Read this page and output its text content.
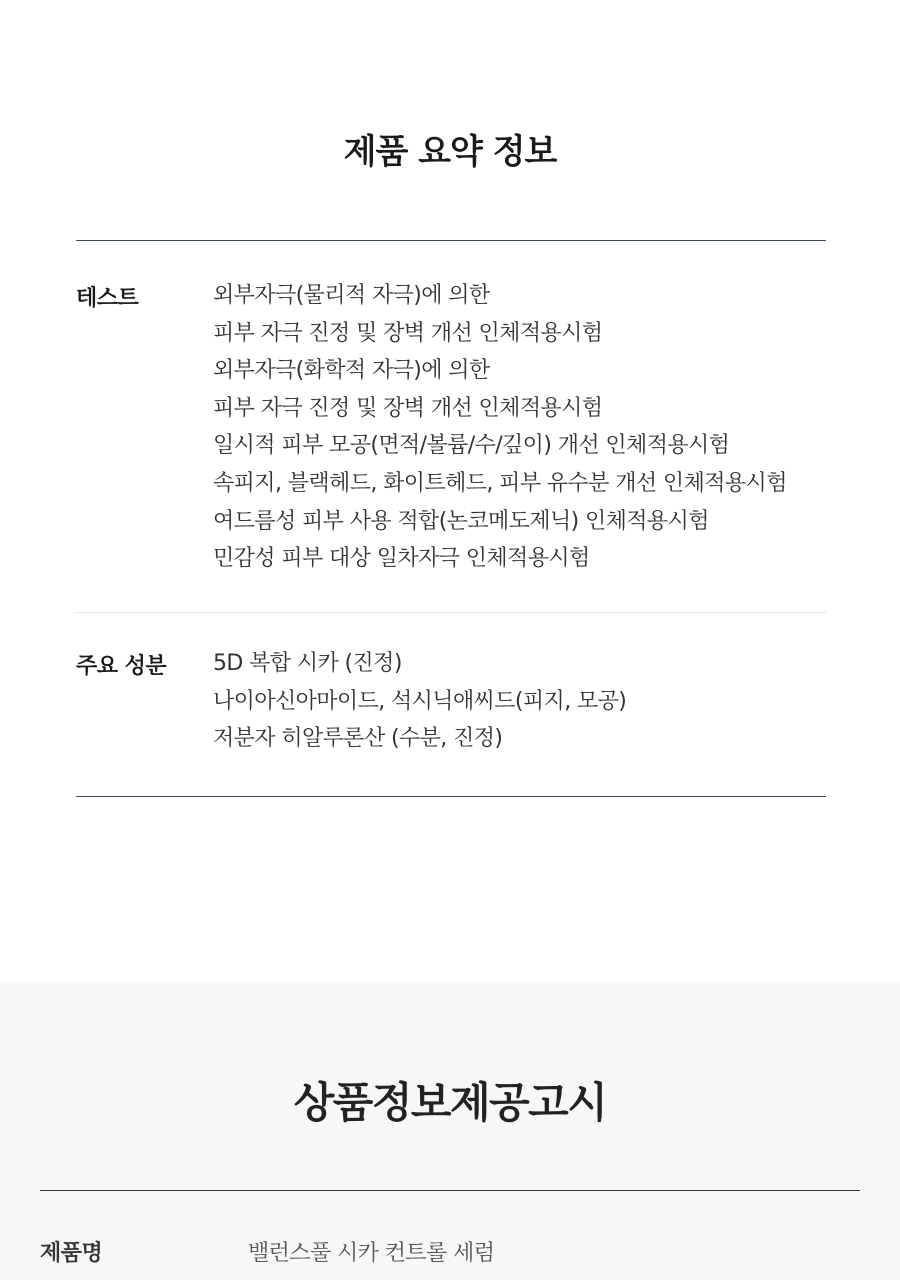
제품 요약 정보
테스트	외부자극(물리적 자극)에 의한
피부 자극 진정 및 장벽 개선 인체적용시험
외부자극(화학적 자극)에 의한
피부 자극 진정 및 장벽 개선 인체적용시험
일시적 피부 모공(면적/볼륨/수/깊이) 개선 인체적용시험
속피지, 블랙헤드, 화이트헤드, 피부 유수분 개선 인체적용시험
여드름성 피부 사용 적합(논코메도제닉) 인체적용시험
민감성 피부 대상 일차자극 인체적용시험
주요 성분 5D 복합 시카 (진정)
나이아신아마이드, 석시닉애씨드(피지, 모공)
저분자 히알루론산 (수분, 진정)
상품정보제공고시
제품명	밸런스풀 시카 컨트롤 세럼
